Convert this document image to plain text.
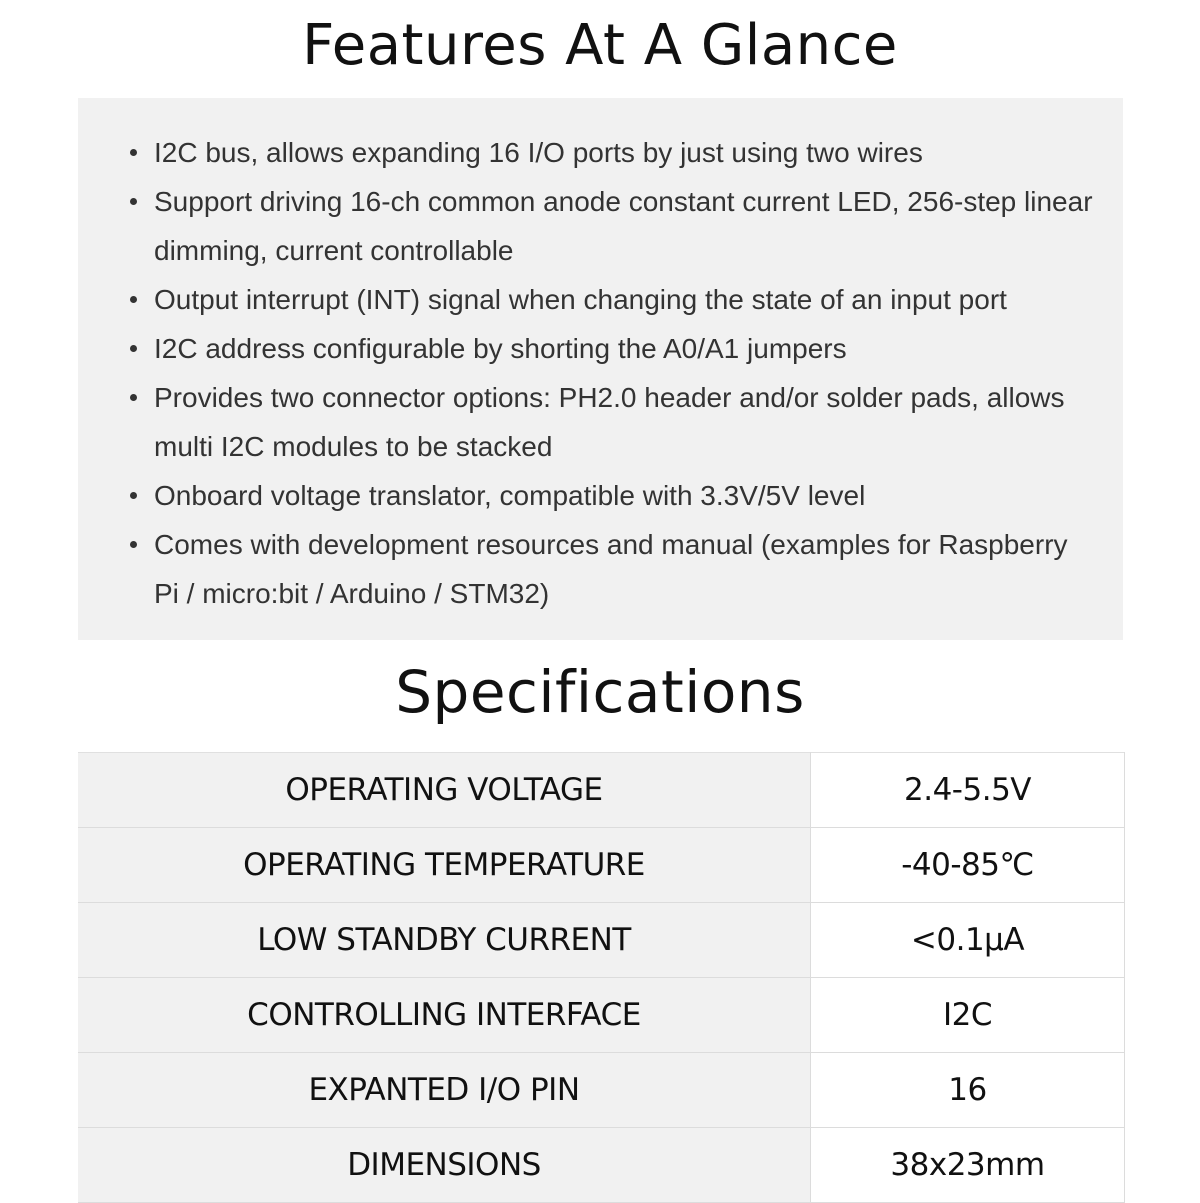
Features At A Glance
I2C bus, allows expanding 16 I/O ports by just using two wires
Support driving 16-ch common anode constant current LED, 256-step linear dimming, current controllable
Output interrupt (INT) signal when changing the state of an input port
I2C address configurable by shorting the A0/A1 jumpers
Provides two connector options: PH2.0 header and/or solder pads, allows multi I2C modules to be stacked
Onboard voltage translator, compatible with 3.3V/5V level
Comes with development resources and manual (examples for Raspberry Pi / micro:bit / Arduino / STM32)
Specifications
OPERATING VOLTAGE	2.4-5.5V
OPERATING TEMPERATURE	-40-85℃
LOW STANDBY CURRENT	<0.1μA
CONTROLLING INTERFACE	I2C
EXPANTED I/O PIN	16
DIMENSIONS	38x23mm
